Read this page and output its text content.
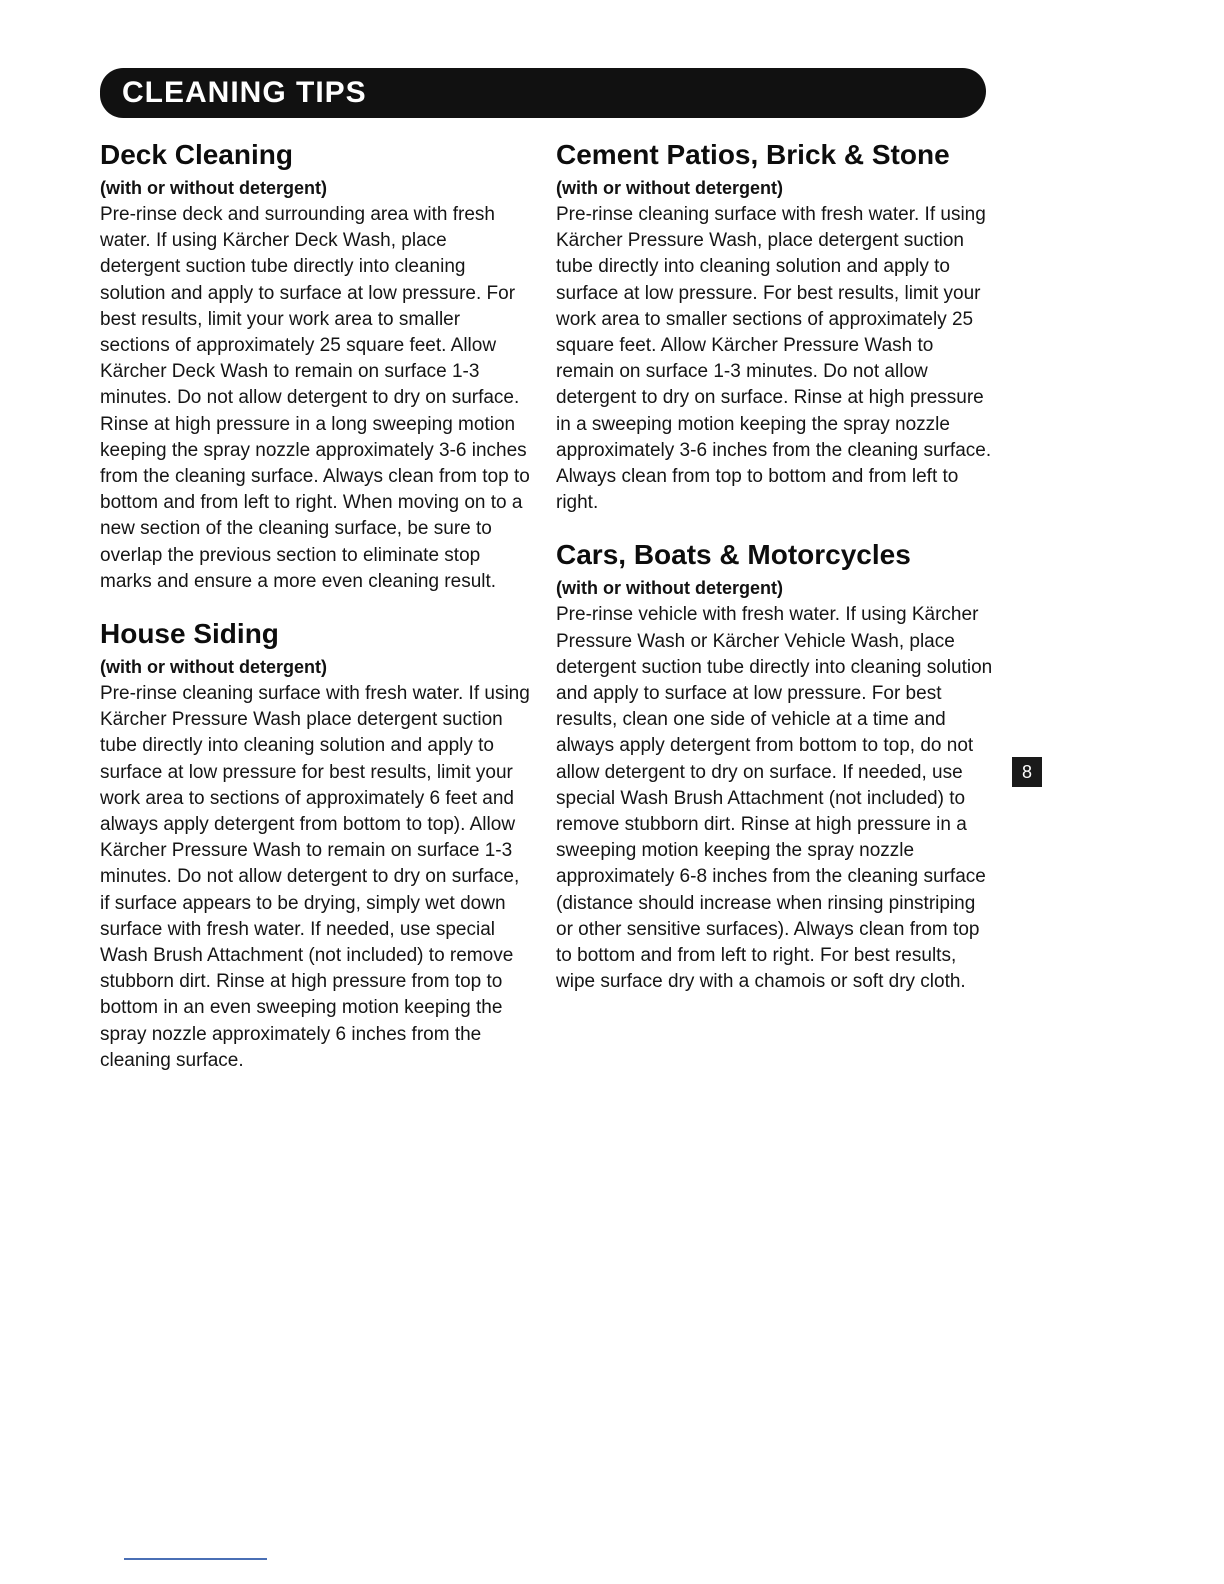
CLEANING TIPS
Deck Cleaning
(with or without detergent)

Pre-rinse deck and surrounding area with fresh water. If using Kärcher Deck Wash, place detergent suction tube directly into cleaning solution and apply to surface at low pressure. For best results, limit your work area to smaller sections of approximately 25 square feet. Allow Kärcher Deck Wash to remain on surface 1-3 minutes. Do not allow detergent to dry on surface. Rinse at high pressure in a long sweeping motion keeping the spray nozzle approximately 3-6 inches from the cleaning surface. Always clean from top to bottom and from left to right. When moving on to a new section of the cleaning surface, be sure to overlap the previous section to eliminate stop marks and ensure a more even cleaning result.

House Siding
(with or without detergent)

Pre-rinse cleaning surface with fresh water. If using Kärcher Pressure Wash place detergent suction tube directly into cleaning solution and apply to surface at low pressure for best results, limit your work area to sections of approximately 6 feet and always apply detergent from bottom to top). Allow Kärcher Pressure Wash to remain on surface 1-3 minutes. Do not allow detergent to dry on surface, if surface appears to be drying, simply wet down surface with fresh water. If needed, use special Wash Brush Attachment (not included) to remove stubborn dirt. Rinse at high pressure from top to bottom in an even sweeping motion keeping the spray nozzle approximately 6 inches from the cleaning surface.

Cement Patios, Brick & Stone
(with or without detergent)

Pre-rinse cleaning surface with fresh water. If using Kärcher Pressure Wash, place detergent suction tube directly into cleaning solution and apply to surface at low pressure. For best results, limit your work area to smaller sections of approximately 25 square feet. Allow Kärcher Pressure Wash to remain on surface 1-3 minutes. Do not allow detergent to dry on surface. Rinse at high pressure in a sweeping motion keeping the spray nozzle approximately 3-6 inches from the cleaning surface. Always clean from top to bottom and from left to right.

Cars, Boats & Motorcycles
(with or without detergent)

Pre-rinse vehicle with fresh water. If using Kärcher Pressure Wash or Kärcher Vehicle Wash, place detergent suction tube directly into cleaning solution and apply to surface at low pressure. For best results, clean one side of vehicle at a time and always apply detergent from bottom to top, do not allow detergent to dry on surface. If needed, use special Wash Brush Attachment (not included) to remove stubborn dirt. Rinse at high pressure in a sweeping motion keeping the spray nozzle approximately 6-8 inches from the cleaning surface (distance should increase when rinsing pinstriping or other sensitive surfaces). Always clean from top to bottom and from left to right. For best results, wipe surface dry with a chamois or soft dry cloth.

8
